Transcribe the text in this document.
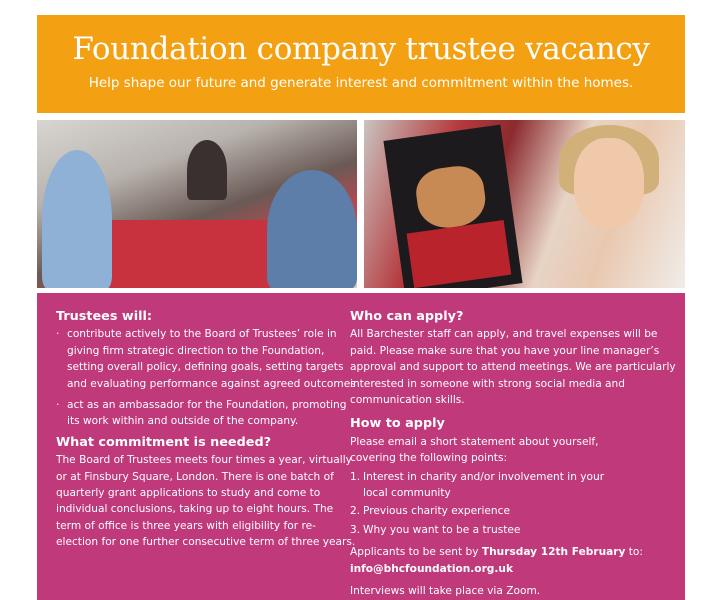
Foundation company trustee vacancy
Help shape our future and generate interest and commitment within the homes.
Trustees will:
· contribute actively to the Board of Trustees’ role in giving firm strategic direction to the Foundation, setting overall policy, defining goals, setting targets and evaluating performance against agreed outcomes
· act as an ambassador for the Foundation, promoting its work within and outside of the company.
What commitment is needed?

The Board of Trustees meets four times a year, virtually or at Finsbury Square, London. There is one batch of quarterly grant applications to study and come to individual conclusions, taking up to eight hours. The term of office is three years with eligibility for re-election for one further consecutive term of three years.

Who can apply?

All Barchester staff can apply, and travel expenses will be paid. Please make sure that you have your line manager’s approval and support to attend meetings. We are particularly interested in someone with strong social media and communication skills.

How to apply

Please email a short statement about yourself, covering the following points:

1. Interest in charity and/or involvement in your local community
2. Previous charity experience
3. Why you want to be a trustee

Applicants to be sent by Thursday 12th February to:
info@bhcfoundation.org.uk

Interviews will take place via Zoom.
